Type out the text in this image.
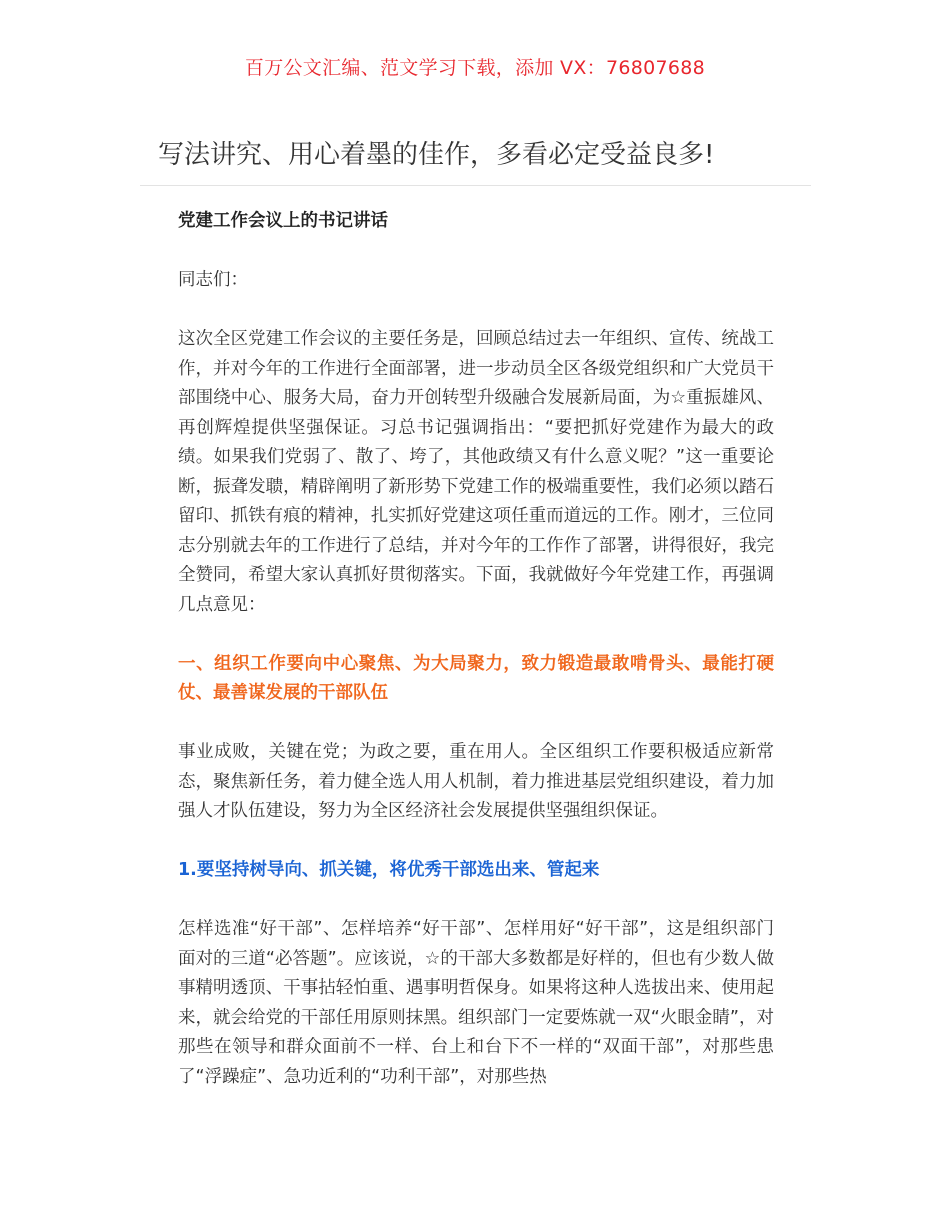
百万公文汇编、范文学习下载，添加 VX：76807688
写法讲究、用心着墨的佳作，多看必定受益良多!

党建工作会议上的书记讲话

同志们：

这次全区党建工作会议的主要任务是，回顾总结过去一年组织、宣传、统战工作，并对今年的工作进行全面部署，进一步动员全区各级党组织和广大党员干部围绕中心、服务大局，奋力开创转型升级融合发展新局面，为☆重振雄风、再创辉煌提供坚强保证。习总书记强调指出：“要把抓好党建作为最大的政绩。如果我们党弱了、散了、垮了，其他政绩又有什么意义呢？”这一重要论断，振聋发聩，精辟阐明了新形势下党建工作的极端重要性，我们必须以踏石留印、抓铁有痕的精神，扎实抓好党建这项任重而道远的工作。刚才，三位同志分别就去年的工作进行了总结，并对今年的工作作了部署，讲得很好，我完全赞同，希望大家认真抓好贯彻落实。下面，我就做好今年党建工作，再强调几点意见：

一、组织工作要向中心聚焦、为大局聚力，致力锻造最敢啃骨头、最能打硬仗、最善谋发展的干部队伍

事业成败，关键在党；为政之要，重在用人。全区组织工作要积极适应新常态，聚焦新任务，着力健全选人用人机制，着力推进基层党组织建设，着力加强人才队伍建设，努力为全区经济社会发展提供坚强组织保证。

1.要坚持树导向、抓关键，将优秀干部选出来、管起来

怎样选准“好干部”、怎样培养“好干部”、怎样用好“好干部”，这是组织部门面对的三道“必答题”。应该说，☆的干部大多数都是好样的，但也有少数人做事精明透顶、干事拈轻怕重、遇事明哲保身。如果将这种人选拔出来、使用起来，就会给党的干部任用原则抹黑。组织部门一定要炼就一双“火眼金睛”，对那些在领导和群众面前不一样、台上和台下不一样的“双面干部”，对那些患了“浮躁症”、急功近利的“功利干部”，对那些热
